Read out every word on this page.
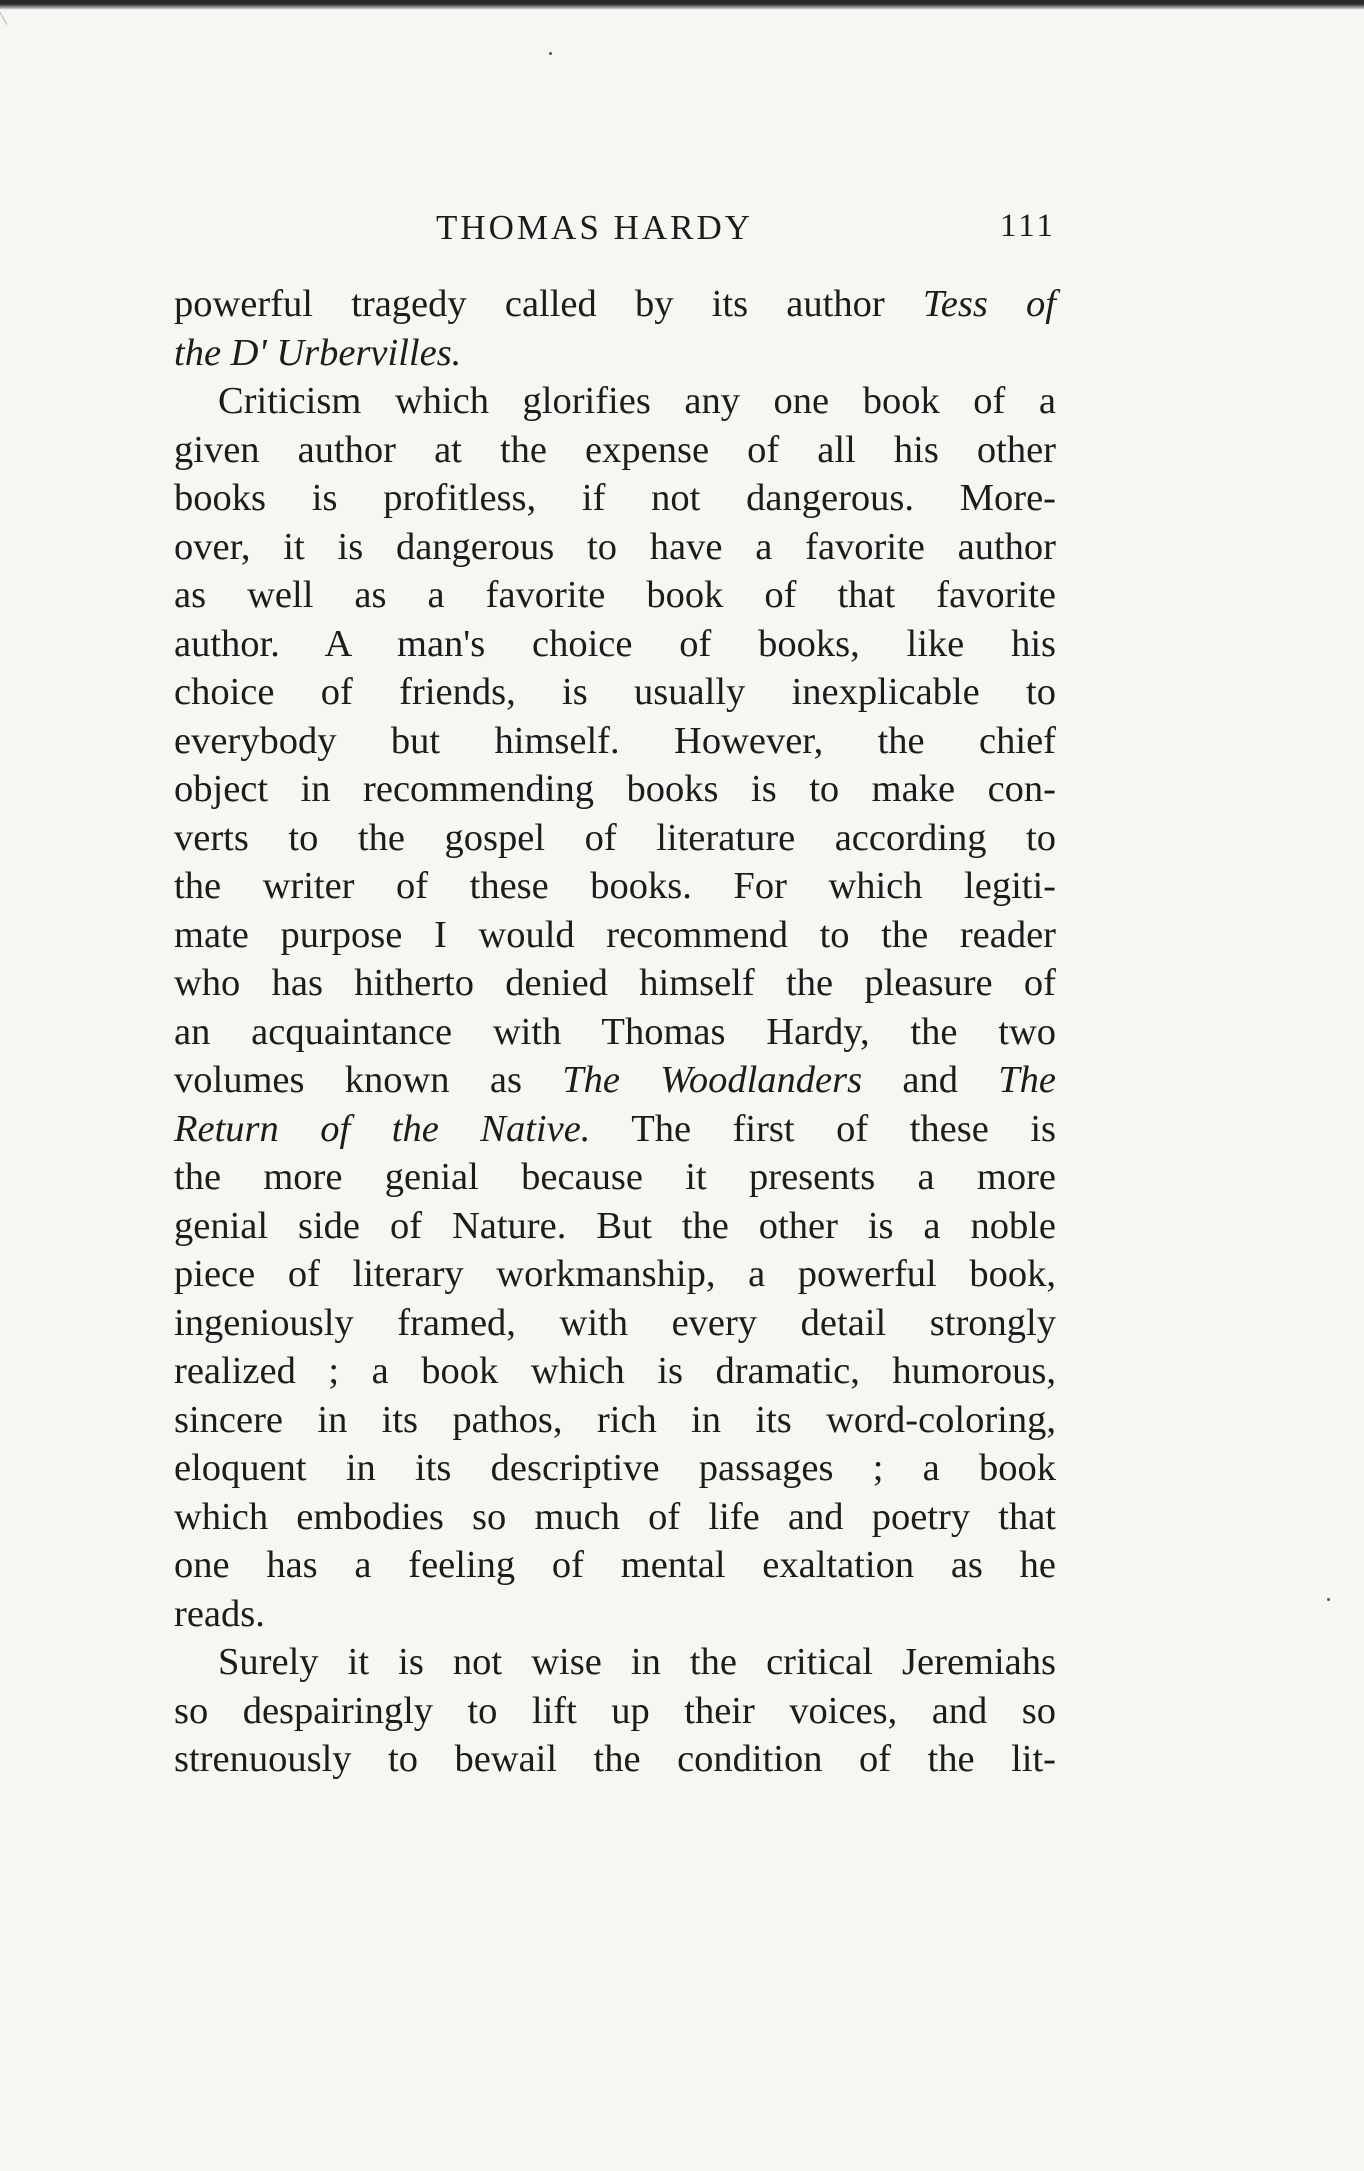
THOMAS HARDY	111
powerful tragedy called by its author Tess of
the D' Urbervilles.
Criticism which glorifies any one book of a
given author at the expense of all his other
books is profitless, if not dangerous. More-
over, it is dangerous to have a favorite author
as well as a favorite book of that favorite
author. A man's choice of books, like his
choice of friends, is usually inexplicable to
everybody but himself. However, the chief
object in recommending books is to make con-
verts to the gospel of literature according to
the writer of these books. For which legiti-
mate purpose I would recommend to the reader
who has hitherto denied himself the pleasure of
an acquaintance with Thomas Hardy, the two
volumes known as The Woodlanders and The
Return of the Native. The first of these is
the more genial because it presents a more
genial side of Nature. But the other is a noble
piece of literary workmanship, a powerful book,
ingeniously framed, with every detail strongly
realized ; a book which is dramatic, humorous,
sincere in its pathos, rich in its word-coloring,
eloquent in its descriptive passages ; a book
which embodies so much of life and poetry that
one has a feeling of mental exaltation as he
reads.
Surely it is not wise in the critical Jeremiahs
so despairingly to lift up their voices, and so
strenuously to bewail the condition of the lit-
